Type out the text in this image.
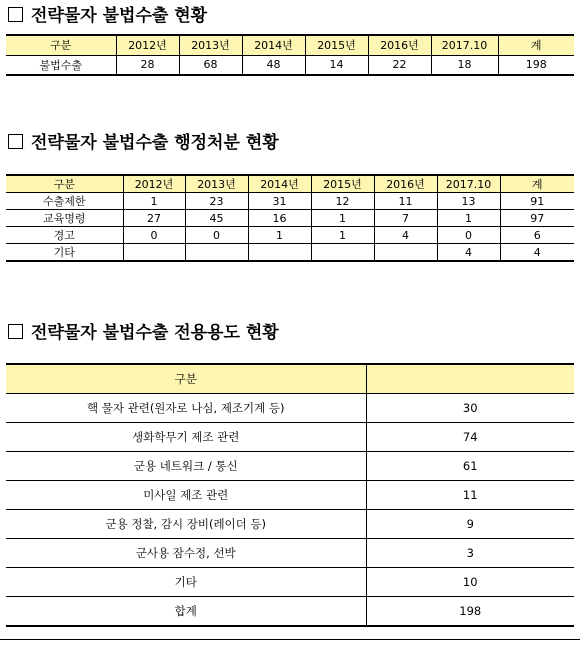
전략물자 불법수출 현황
구분	2012년	2013년	2014년	2015년	2016년	2017.10	계
불법수출	28	68	48	14	22	18	198
전략물자 불법수출 행정처분 현황
구분	2012년	2013년	2014년	2015년	2016년	2017.10	계
수출제한	1	23	31	12	11	13	91
교육명령	27	45	16	1	7	1	97
경고	0	0	1	1	4	0	6
기타						4	4
전략물자 불법수출 전용용도 현황
구분	
핵 물자 관련(원자로 나심, 제조기계 등)	30
생화학무기 제조 관련	74
군용 네트워크 / 통신	61
미사일 제조 관련	11
군용 정찰, 감시 장비(레이더 등)	9
군사용 잠수정, 선박	3
기타	10
합계	198
